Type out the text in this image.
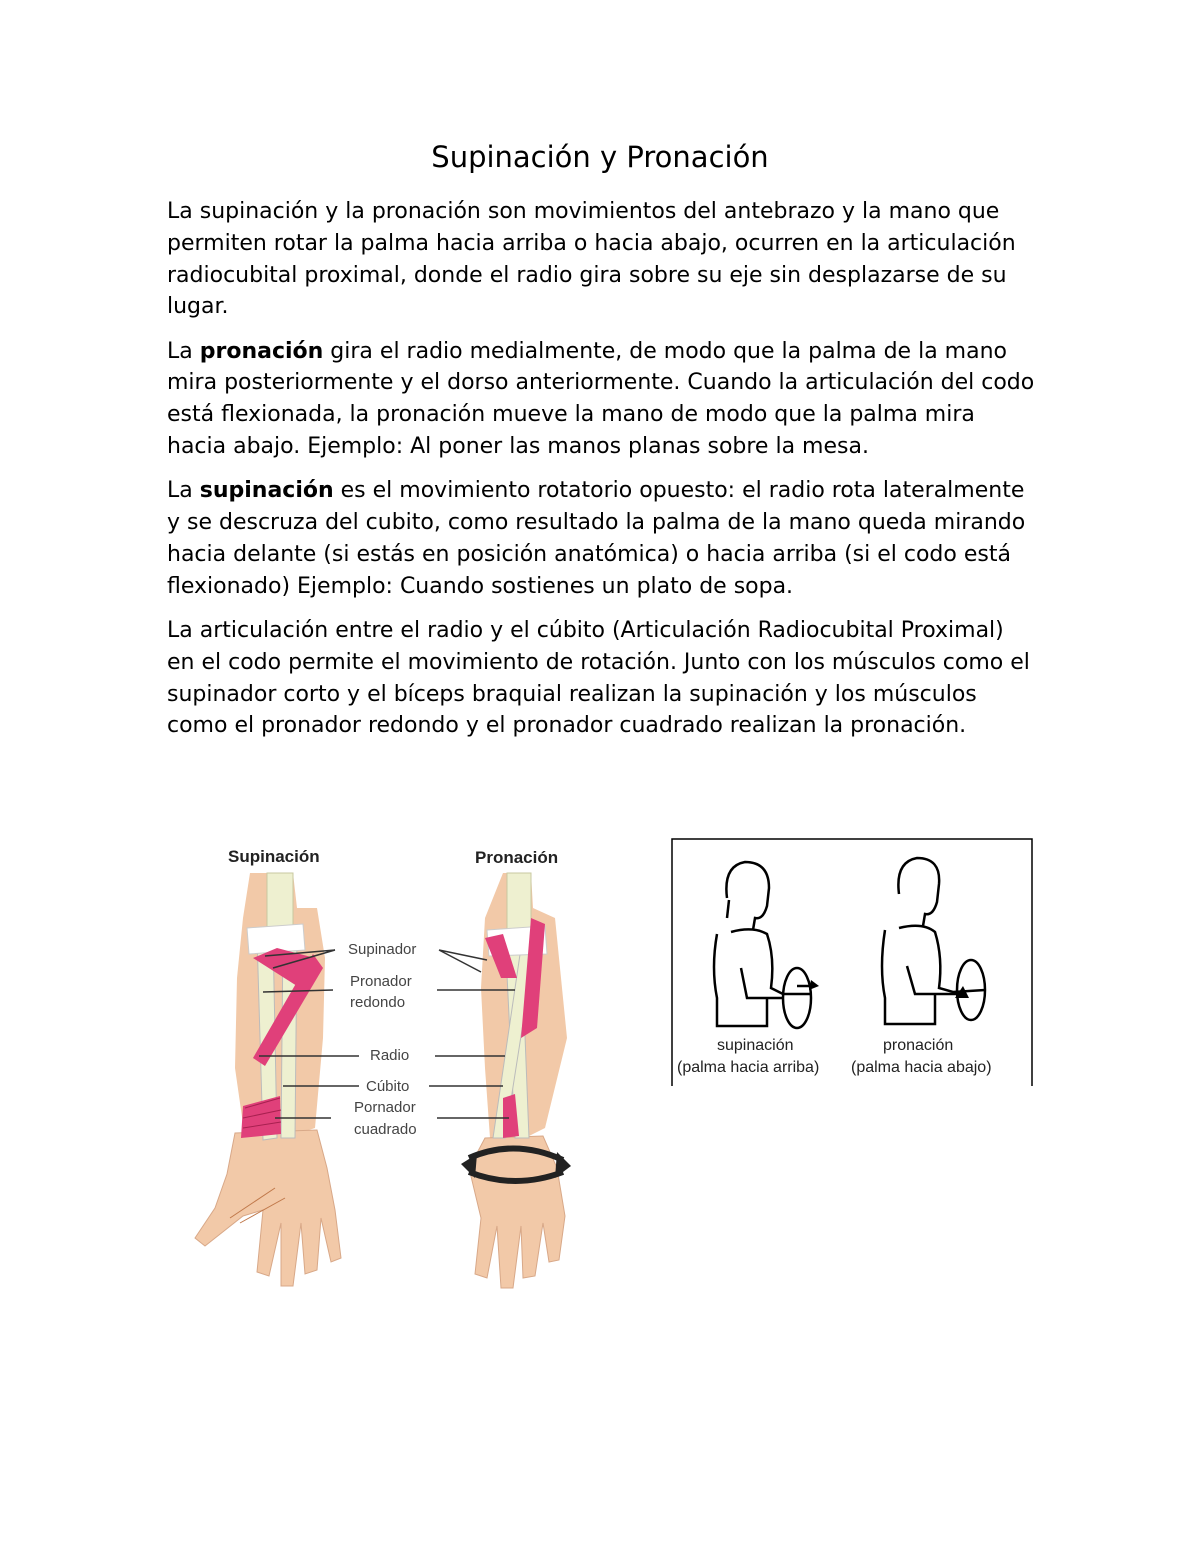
Supinación y Pronación

La supinación y la pronación son movimientos del antebrazo y la mano que permiten rotar la palma hacia arriba o hacia abajo, ocurren en la articulación radiocubital proximal, donde el radio gira sobre su eje sin desplazarse de su lugar.

La pronación gira el radio medialmente, de modo que la palma de la mano mira posteriormente y el dorso anteriormente. Cuando la articulación del codo está flexionada, la pronación mueve la mano de modo que la palma mira hacia abajo. Ejemplo: Al poner las manos planas sobre la mesa.

La supinación es el movimiento rotatorio opuesto: el radio rota lateralmente y se descruza del cubito, como resultado la palma de la mano queda mirando hacia delante (si estás en posición anatómica) o hacia arriba (si el codo está flexionado) Ejemplo: Cuando sostienes un plato de sopa.

La articulación entre el radio y el cúbito (Articulación Radiocubital Proximal) en el codo permite el movimiento de rotación. Junto con los músculos como el supinador corto y el bíceps braquial realizan la supinación y los músculos como el pronador redondo y el pronador cuadrado realizan la pronación.

Supinación	Pronación
Supinador
Pronador
redondo
Radio
Cúbito
Pornador
cuadrado
supinación
(palma hacia arriba)
pronación
(palma hacia abajo)
